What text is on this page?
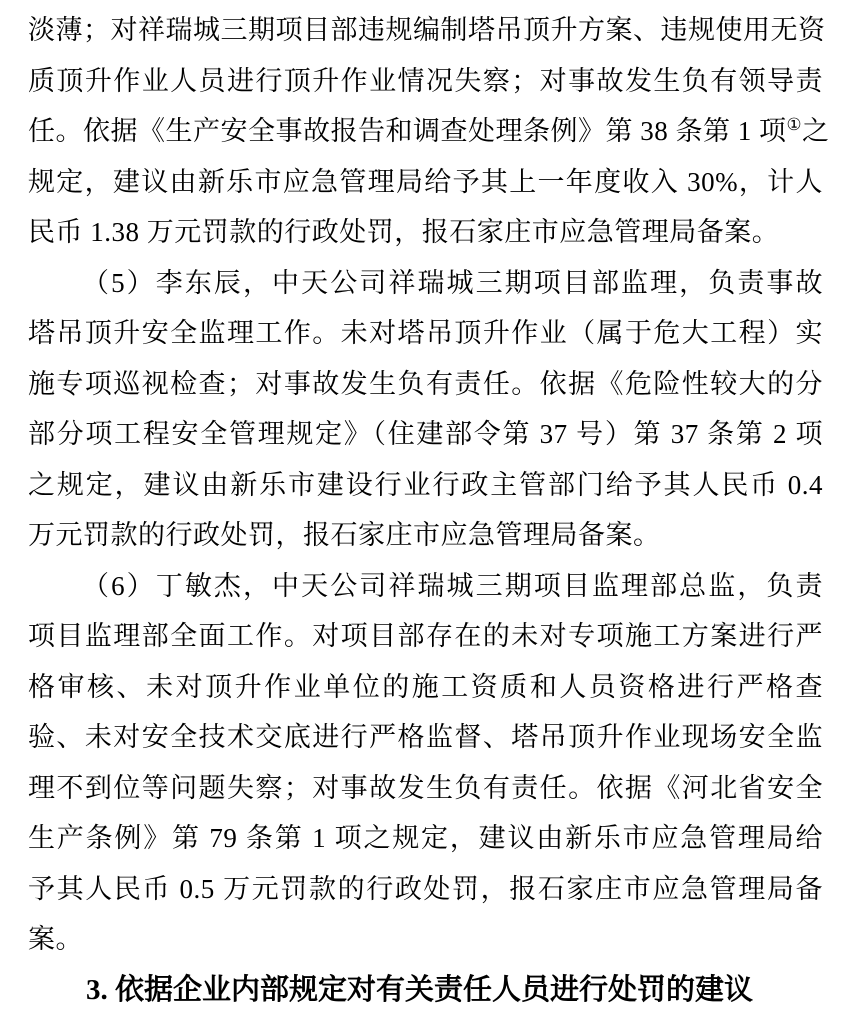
淡薄；对祥瑞城三期项目部违规编制塔吊顶升方案、违规使用无资
质顶升作业人员进行顶升作业情况失察；对事故发生负有领导责
任。依据《生产安全事故报告和调查处理条例》第 38 条第 1 项①之
规定，建议由新乐市应急管理局给予其上一年度收入 30%，计人
民币 1.38 万元罚款的行政处罚，报石家庄市应急管理局备案。
（5）李东辰，中天公司祥瑞城三期项目部监理，负责事故
塔吊顶升安全监理工作。未对塔吊顶升作业（属于危大工程）实
施专项巡视检查；对事故发生负有责任。依据《危险性较大的分
部分项工程安全管理规定》（住建部令第 37 号）第 37 条第 2 项
之规定，建议由新乐市建设行业行政主管部门给予其人民币 0.4
万元罚款的行政处罚，报石家庄市应急管理局备案。
（6）丁敏杰，中天公司祥瑞城三期项目监理部总监，负责
项目监理部全面工作。对项目部存在的未对专项施工方案进行严
格审核、未对顶升作业单位的施工资质和人员资格进行严格查
验、未对安全技术交底进行严格监督、塔吊顶升作业现场安全监
理不到位等问题失察；对事故发生负有责任。依据《河北省安全
生产条例》第 79 条第 1 项之规定，建议由新乐市应急管理局给
予其人民币 0.5 万元罚款的行政处罚，报石家庄市应急管理局备
案。
3. 依据企业内部规定对有关责任人员进行处罚的建议
